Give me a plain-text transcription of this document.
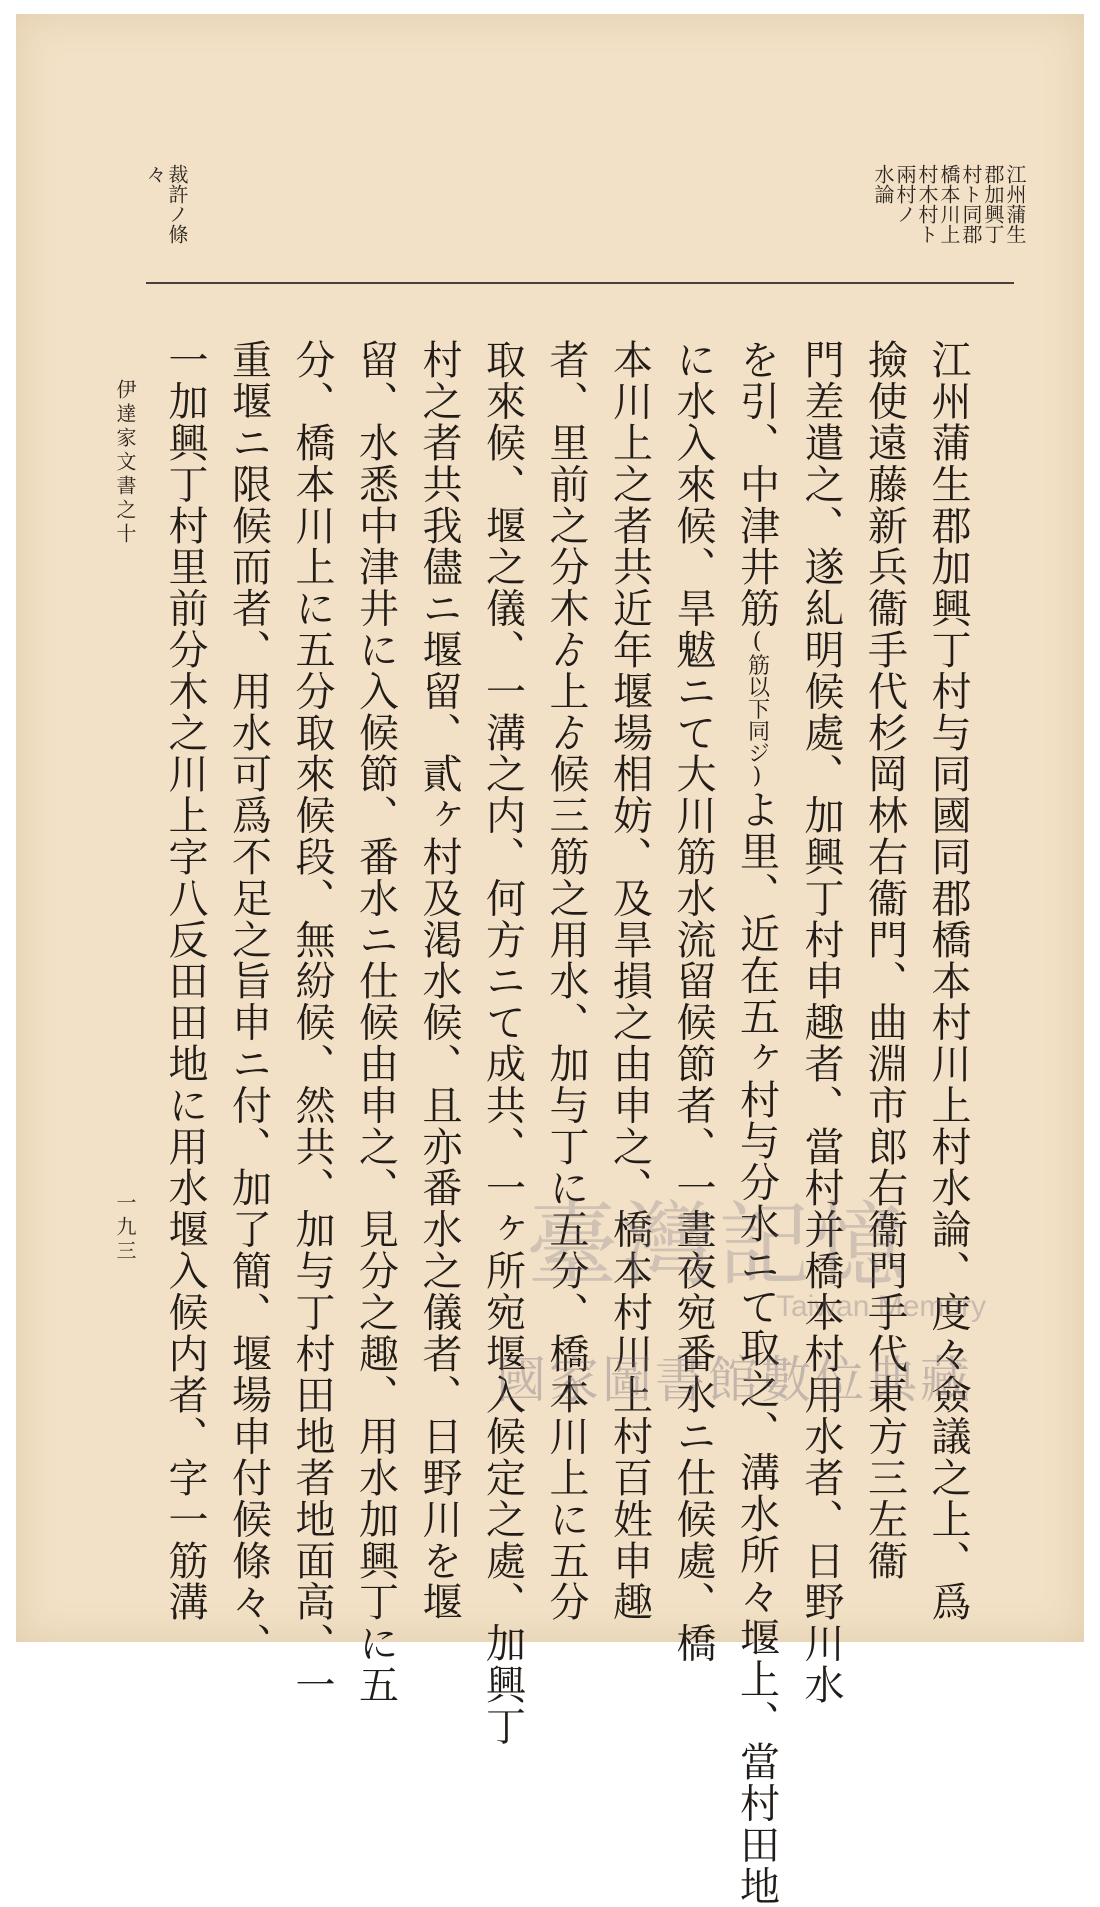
江州蒲生
郡加興丁
村ト同郡
橋本川上
村木村ト
兩村ノ
水論
裁許ノ條
々
江州蒲生郡加興丁村与同國同郡橋本村川上村水論、度々僉議之上、爲
撿使遠藤新兵衞手代杉岡林右衞門、曲淵市郎右衞門手代東方三左衞
門差遣之、遂糺明候處、加興丁村申趣者、當村并橋本村用水者、日野川水
を引、中津井筋(筋以下同ジ)よ里、近在五ヶ村与分水ニて取之、溝水所々堰上、當村田地
に水入來候、旱魃ニて大川筋水流留候節者、一晝夜宛番水ニ仕候處、橋
本川上之者共近年堰場相妨、及旱損之由申之、橋本村川上村百姓申趣
者、里前之分木ゟ上ゟ候三筋之用水、加与丁に五分、橋本川上に五分
取來候、堰之儀、一溝之内、何方ニて成共、一ヶ所宛堰入候定之處、加興丁
村之者共我儘ニ堰留、貳ヶ村及渇水候、且亦番水之儀者、日野川を堰
留、水悉中津井に入候節、番水ニ仕候由申之、見分之趣、用水加興丁に五
分、橋本川上に五分取來候段、無紛候、然共、加与丁村田地者地面高、一
重堰ニ限候而者、用水可爲不足之旨申ニ付、加了簡、堰場申付候條々、
一加興丁村里前分木之川上字八反田田地に用水堰入候内者、字一筋溝
伊達家文書之十
一九三	臺灣記憶
Taiwan Memory
國家圖書館數位典藏
